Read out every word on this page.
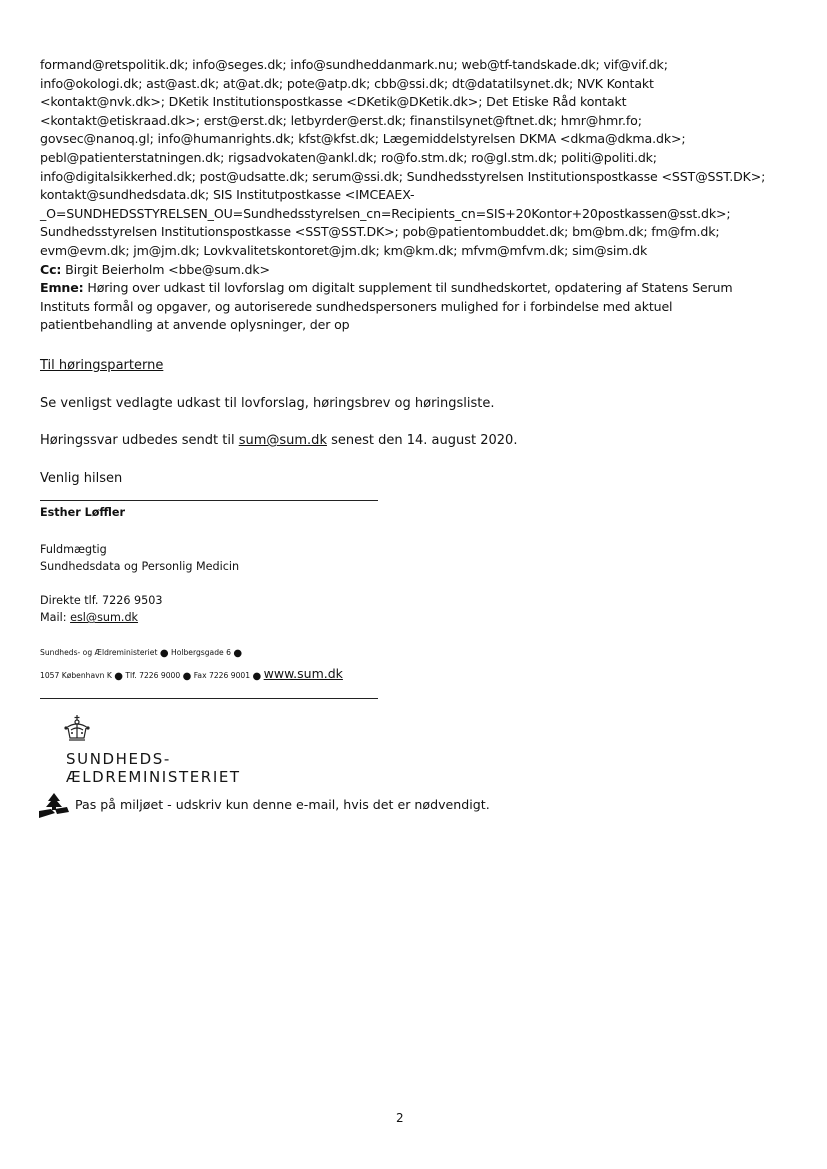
formand@retspolitik.dk; info@seges.dk; info@sundheddanmark.nu; web@tf-tandskade.dk; vif@vif.dk;

info@okologi.dk; ast@ast.dk; at@at.dk; pote@atp.dk; cbb@ssi.dk; dt@datatilsynet.dk; NVK Kontakt

<kontakt@nvk.dk>; DKetik Institutionspostkasse <DKetik@DKetik.dk>; Det Etiske Råd kontakt

<kontakt@etiskraad.dk>; erst@erst.dk; letbyrder@erst.dk; finanstilsynet@ftnet.dk; hmr@hmr.fo;

govsec@nanoq.gl; info@humanrights.dk; kfst@kfst.dk; Lægemiddelstyrelsen DKMA <dkma@dkma.dk>;

pebl@patienterstatningen.dk; rigsadvokaten@ankl.dk; ro@fo.stm.dk; ro@gl.stm.dk; politi@politi.dk;

info@digitalsikkerhed.dk; post@udsatte.dk; serum@ssi.dk; Sundhedsstyrelsen Institutionspostkasse <SST@SST.DK>;

kontakt@sundhedsdata.dk; SIS Institutpostkasse <IMCEAEX-

_O=SUNDHEDSSTYRELSEN_OU=Sundhedsstyrelsen_cn=Recipients_cn=SIS+20Kontor+20postkassen@sst.dk>;

Sundhedsstyrelsen Institutionspostkasse <SST@SST.DK>; pob@patientombuddet.dk; bm@bm.dk; fm@fm.dk;

evm@evm.dk; jm@jm.dk; Lovkvalitetskontoret@jm.dk; km@km.dk; mfvm@mfvm.dk; sim@sim.dk

Cc: Birgit Beierholm <bbe@sum.dk>

Emne: Høring over udkast til lovforslag om digitalt supplement til sundhedskortet, opdatering af Statens Serum

Instituts formål og opgaver, og autoriserede sundhedspersoners mulighed for i forbindelse med aktuel

patientbehandling at anvende oplysninger, der op

Til høringsparterne
Se venligst vedlagte udkast til lovforslag, høringsbrev og høringsliste.
Høringssvar udbedes sendt til sum@sum.dk senest den 14. august 2020.
Venlig hilsen
Esther Løffler
Fuldmægtig
Sundhedsdata og Personlig Medicin
Direkte tlf. 7226 9503
Mail: esl@sum.dk
Sundheds- og Ældreministeriet ● Holbergsgade 6 ●
1057 København K ● Tlf. 7226 9000 ● Fax 7226 9001 ● www.sum.dk
SUNDHEDS-
ÆLDREMINISTERIET
Pas på miljøet - udskriv kun denne e-mail, hvis det er nødvendigt.
2
